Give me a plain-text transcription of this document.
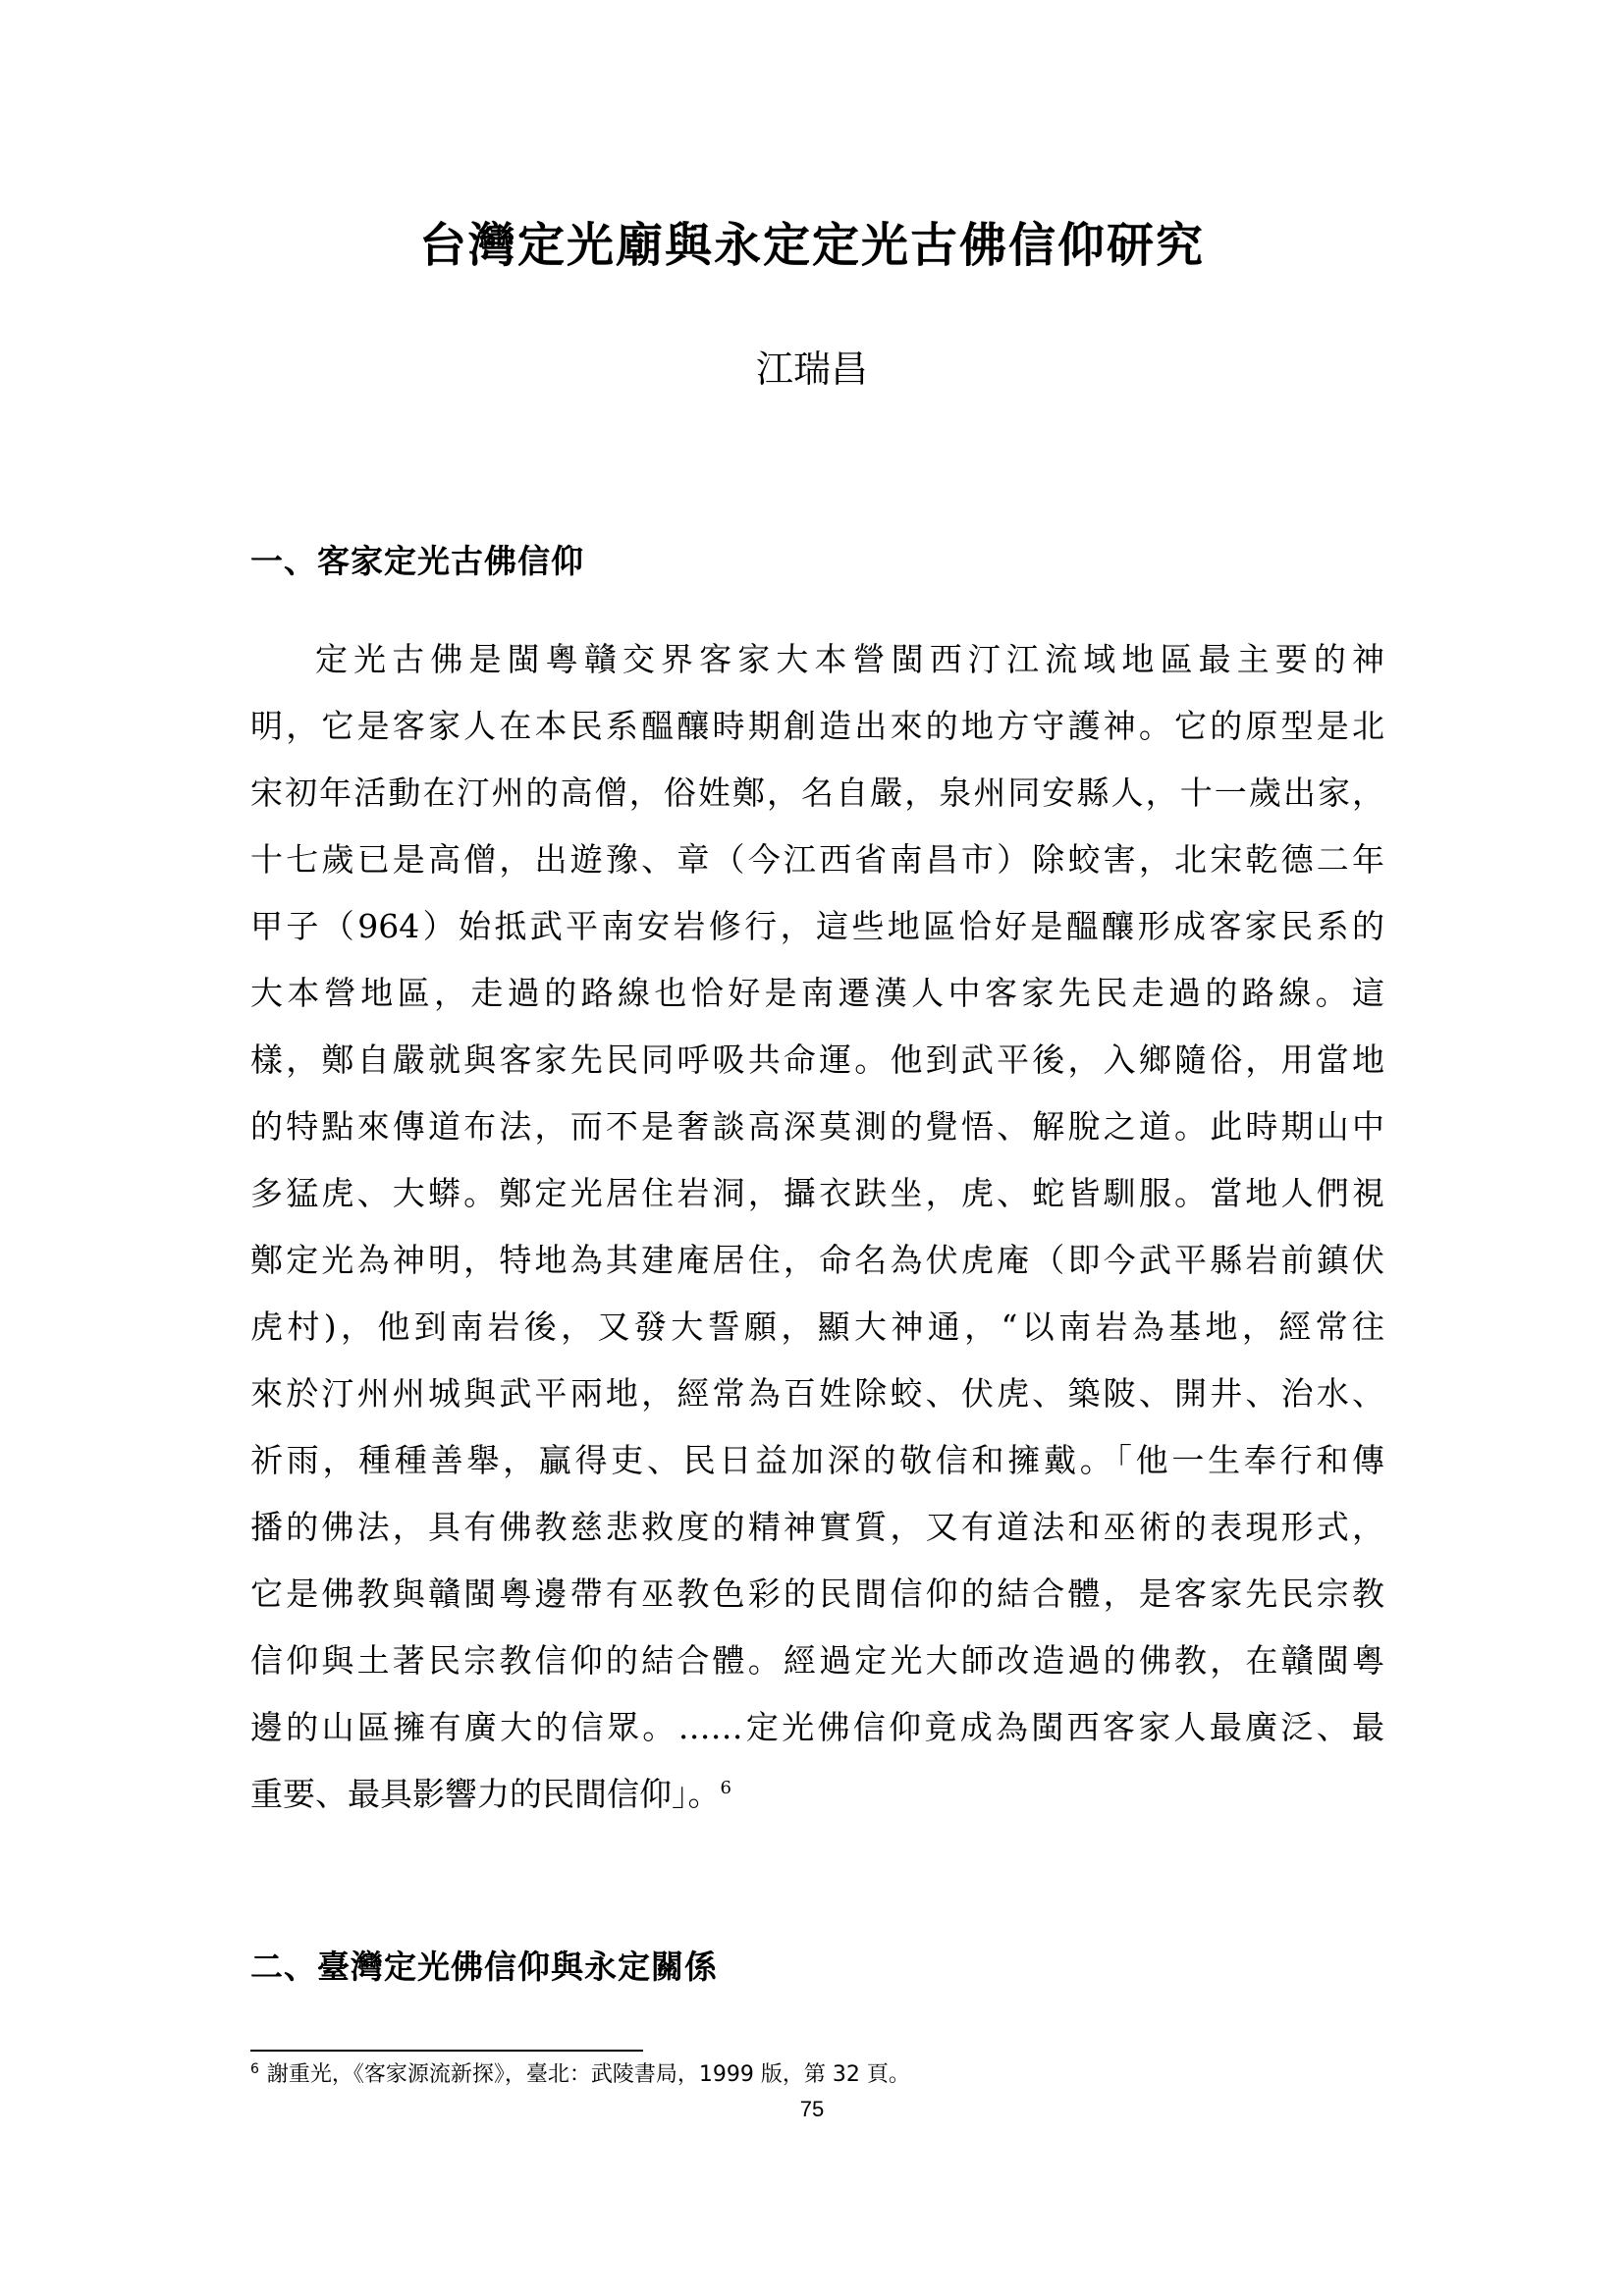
台灣定光廟與永定定光古佛信仰研究

江瑞昌

一、客家定光古佛信仰
定光古佛是閩粵贛交界客家大本營閩西汀江流域地區最主要的神
明，它是客家人在本民系醞釀時期創造出來的地方守護神。它的原型是北
宋初年活動在汀州的高僧，俗姓鄭，名自嚴，泉州同安縣人，十一歲出家，
十七歲已是高僧，出遊豫、章（今江西省南昌市）除蛟害，北宋乾德二年
甲子（964）始抵武平南安岩修行，這些地區恰好是醞釀形成客家民系的
大本營地區，走過的路線也恰好是南遷漢人中客家先民走過的路線。這
樣，鄭自嚴就與客家先民同呼吸共命運。他到武平後，入鄉隨俗，用當地
的特點來傳道布法，而不是奢談高深莫測的覺悟、解脫之道。此時期山中
多猛虎、大蟒。鄭定光居住岩洞，攝衣趺坐，虎、蛇皆馴服。當地人們視
鄭定光為神明，特地為其建庵居住，命名為伏虎庵（即今武平縣岩前鎮伏
虎村)，他到南岩後，又發大誓願，顯大神通，“以南岩為基地，經常往
來於汀州州城與武平兩地，經常為百姓除蛟、伏虎、築陂、開井、治水、
祈雨，種種善舉，贏得吏、民日益加深的敬信和擁戴。｢他一生奉行和傳
播的佛法，具有佛教慈悲救度的精神實質，又有道法和巫術的表現形式，
它是佛教與贛閩粵邊帶有巫教色彩的民間信仰的結合體，是客家先民宗教
信仰與土著民宗教信仰的結合體。經過定光大師改造過的佛教，在贛閩粵
邊的山區擁有廣大的信眾。……定光佛信仰竟成為閩西客家人最廣泛、最
重要、最具影響力的民間信仰」。$^6$
二、臺灣定光佛信仰與永定關係

$^6$ 謝重光，《客家源流新探》，臺北：武陵書局，1999 版，第 32 頁。

75
